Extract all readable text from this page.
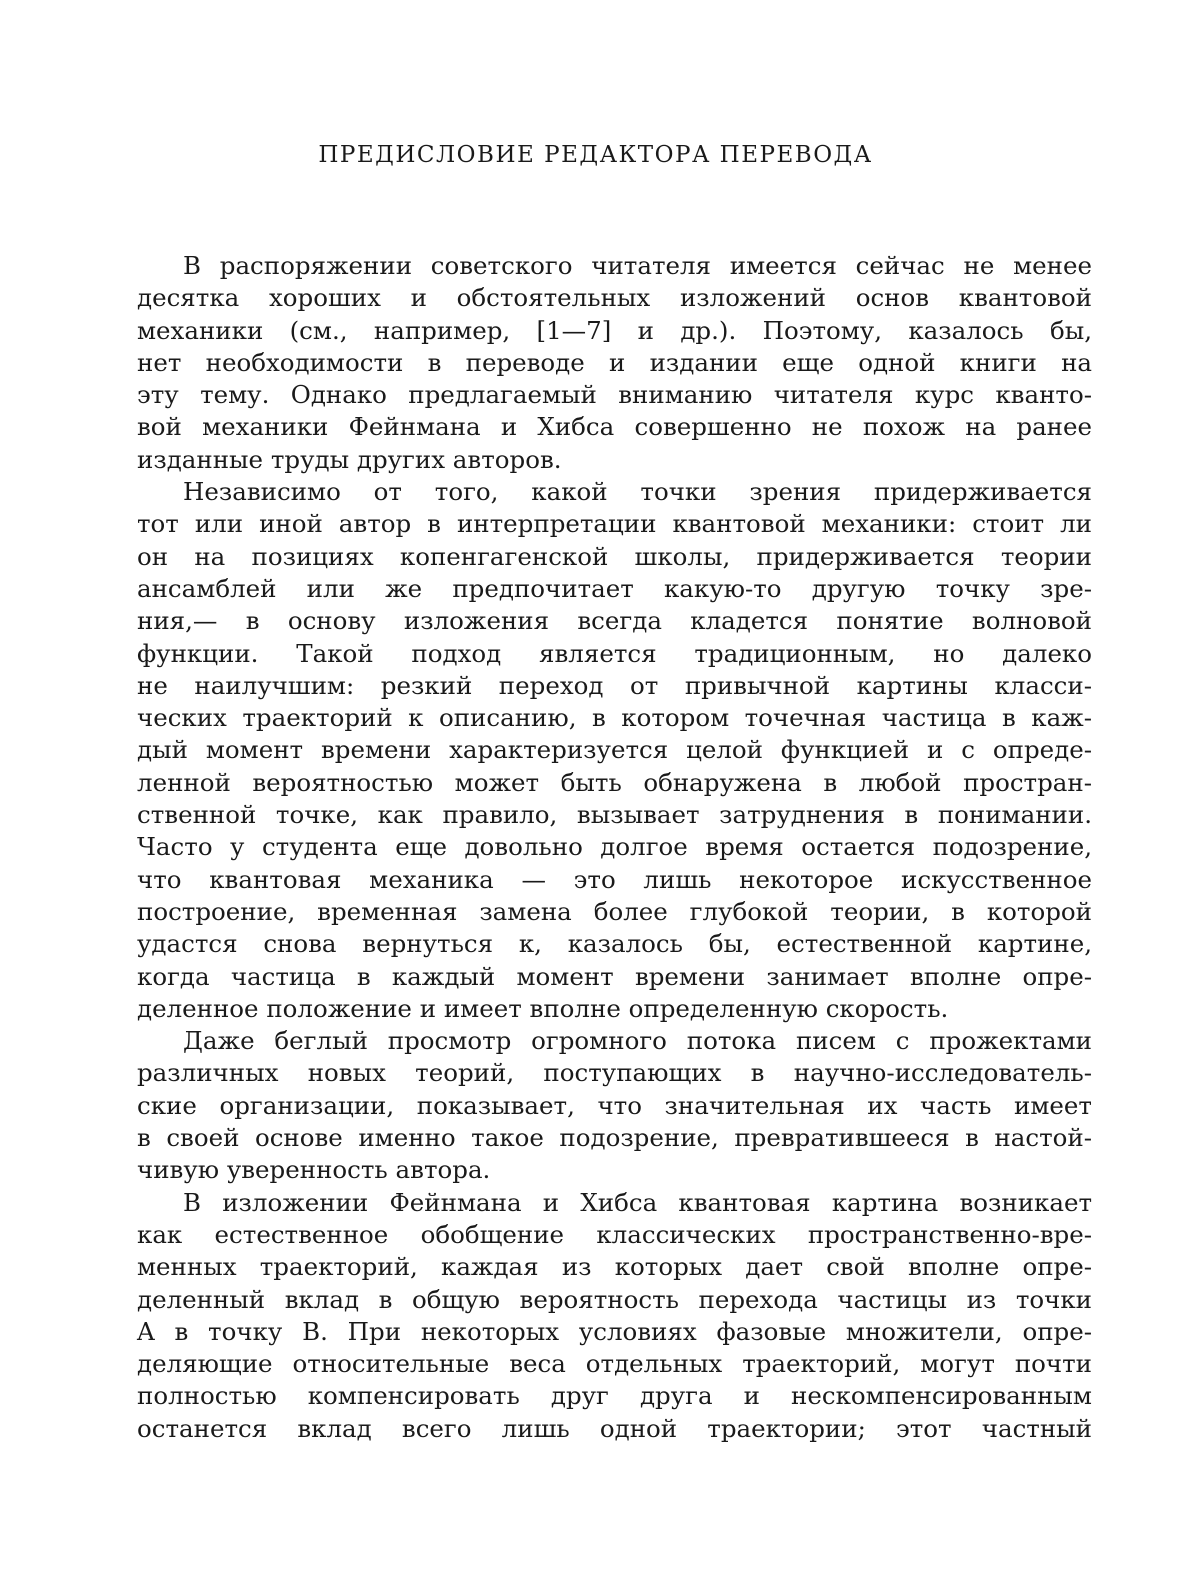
ПРЕДИСЛОВИЕ РЕДАКТОРА ПЕРЕВОДА
В распоряжении советского читателя имеется сейчас не менее
десятка хороших и обстоятельных изложений основ квантовой
механики (см., например, [1—7] и др.). Поэтому, казалось бы,
нет необходимости в переводе и издании еще одной книги на
эту тему. Однако предлагаемый вниманию читателя курс кванто-
вой механики Фейнмана и Хибса совершенно не похож на ранее
изданные труды других авторов.
Независимо от того, какой точки зрения придерживается
тот или иной автор в интерпретации квантовой механики: стоит ли
он на позициях копенгагенской школы, придерживается теории
ансамблей или же предпочитает какую-то другую точку зре-
ния,— в основу изложения всегда кладется понятие волновой
функции. Такой подход является традиционным, но далеко
не наилучшим: резкий переход от привычной картины класси-
ческих траекторий к описанию, в котором точечная частица в каж-
дый момент времени характеризуется целой функцией и с опреде-
ленной вероятностью может быть обнаружена в любой простран-
ственной точке, как правило, вызывает затруднения в понимании.
Часто у студента еще довольно долгое время остается подозрение,
что квантовая механика — это лишь некоторое искусственное
построение, временная замена более глубокой теории, в которой
удастся снова вернуться к, казалось бы, естественной картине,
когда частица в каждый момент времени занимает вполне опре-
деленное положение и имеет вполне определенную скорость.
Даже беглый просмотр огромного потока писем с прожектами
различных новых теорий, поступающих в научно-исследователь-
ские организации, показывает, что значительная их часть имеет
в своей основе именно такое подозрение, превратившееся в настой-
чивую уверенность автора.
В изложении Фейнмана и Хибса квантовая картина возникает
как естественное обобщение классических пространственно-вре-
менных траекторий, каждая из которых дает свой вполне опре-
деленный вклад в общую вероятность перехода частицы из точки
A в точку B. При некоторых условиях фазовые множители, опре-
деляющие относительные веса отдельных траекторий, могут почти
полностью компенсировать друг друга и нескомпенсированным
останется вклад всего лишь одной траектории; этот частный
